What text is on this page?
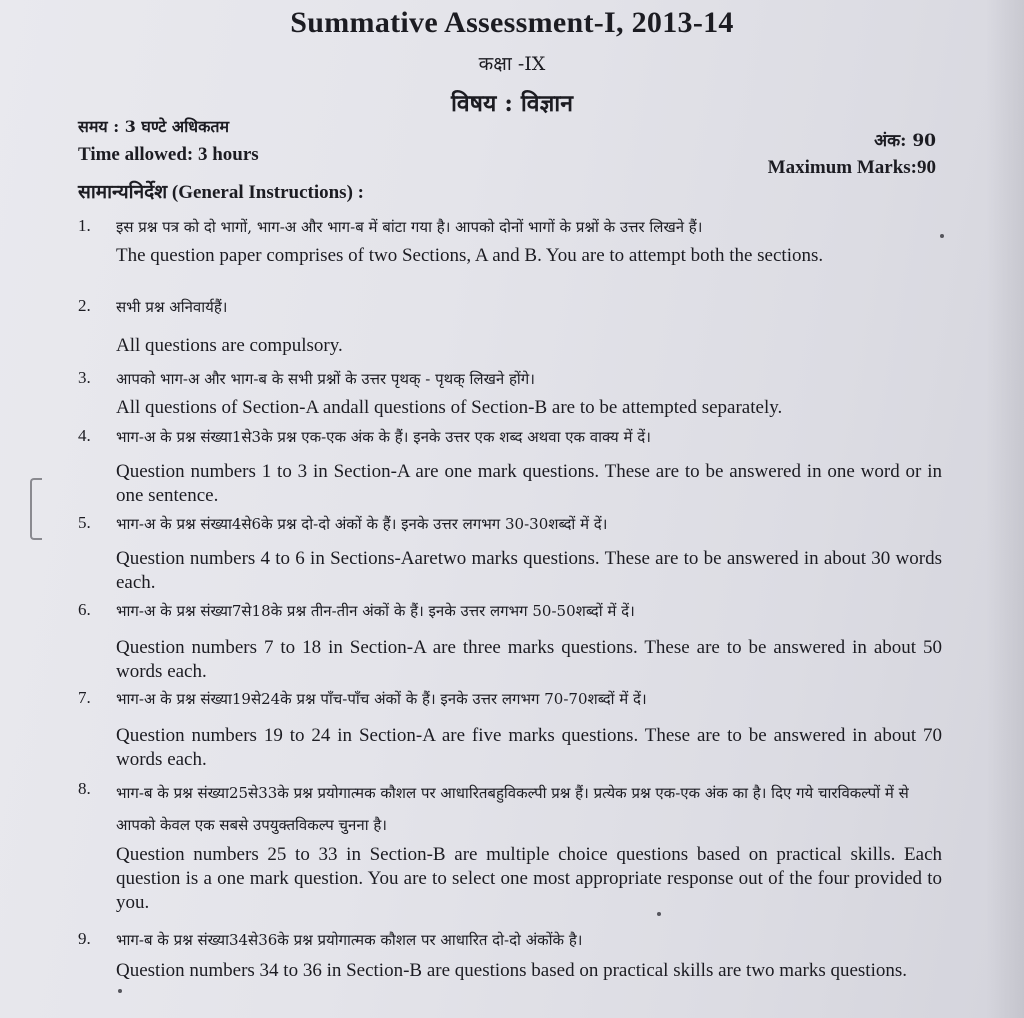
Summative Assessment-I, 2013-14
कक्षा -IX
विषय : विज्ञान
समय : 3 घण्टे अधिकतम
Time allowed: 3 hours
अंक: 90
Maximum Marks:90
सामान्यनिर्देश (General Instructions) :
1. इस प्रश्न पत्र को दो भागों, भाग-अ और भाग-ब में बांटा गया है। आपको दोनों भागों के प्रश्नों के उत्तर लिखने हैं।
The question paper comprises of two Sections, A and B. You are to attempt both the sections.
2. सभी प्रश्न अनिवार्यहैं।
All questions are compulsory.
3. आपको भाग-अ और भाग-ब के सभी प्रश्नों के उत्तर पृथक् - पृथक् लिखने होंगे।
All questions of Section-A andall questions of Section-B are to be attempted separately.
4. भाग-अ के प्रश्न संख्या1से3के प्रश्न एक-एक अंक के हैं। इनके उत्तर एक शब्द अथवा एक वाक्य में दें।
Question numbers 1 to 3 in Section-A are one mark questions. These are to be answered in one word or in one sentence.
5. भाग-अ के प्रश्न संख्या4से6के प्रश्न दो-दो अंकों के हैं। इनके उत्तर लगभग 30-30शब्दों में दें।
Question numbers 4 to 6 in Sections-Aaretwo marks questions. These are to be answered in about 30 words each.
6. भाग-अ के प्रश्न संख्या7से18के प्रश्न तीन-तीन अंकों के हैं। इनके उत्तर लगभग 50-50शब्दों में दें।
Question numbers 7 to 18 in Section-A are three marks questions. These are to be answered in about 50 words each.
7. भाग-अ के प्रश्न संख्या19से24के प्रश्न पाँच-पाँच अंकों के हैं। इनके उत्तर लगभग 70-70शब्दों में दें।
Question numbers 19 to 24 in Section-A are five marks questions. These are to be answered in about 70 words each.
8. भाग-ब के प्रश्न संख्या25से33के प्रश्न प्रयोगात्मक कौशल पर आधारितबहुविकल्पी प्रश्न हैं। प्रत्येक प्रश्न एक-एक अंक का है। दिए गये चारविकल्पों में से आपको केवल एक सबसे उपयुक्तविकल्प चुनना है।
Question numbers 25 to 33 in Section-B are multiple choice questions based on practical skills. Each question is a one mark question. You are to select one most appropriate response out of the four provided to you.
9. भाग-ब के प्रश्न संख्या34से36के प्रश्न प्रयोगात्मक कौशल पर आधारित दो-दो अंकोंके है।
Question numbers 34 to 36 in Section-B are questions based on practical skills are two marks questions.
